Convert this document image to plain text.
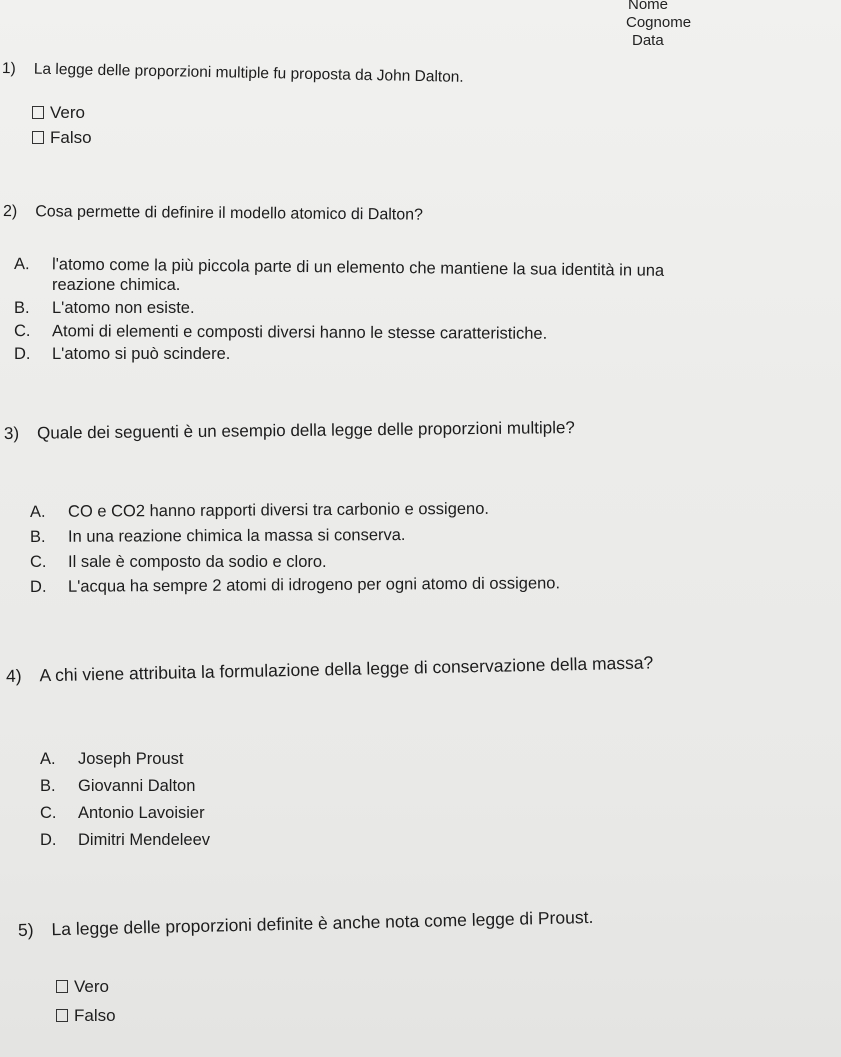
Nome
Cognome
Data
1) La legge delle proporzioni multiple fu proposta da John Dalton.
Vero
Falso
2) Cosa permette di definire il modello atomico di Dalton?
A. l'atomo come la più piccola parte di un elemento che mantiene la sua identità in una
reazione chimica.
B. L'atomo non esiste.
C. Atomi di elementi e composti diversi hanno le stesse caratteristiche.
D. L'atomo si può scindere.
3) Quale dei seguenti è un esempio della legge delle proporzioni multiple?
A. CO e CO2 hanno rapporti diversi tra carbonio e ossigeno.
B. In una reazione chimica la massa si conserva.
C. Il sale è composto da sodio e cloro.
D. L'acqua ha sempre 2 atomi di idrogeno per ogni atomo di ossigeno.
4) A chi viene attribuita la formulazione della legge di conservazione della massa?
A. Joseph Proust
B. Giovanni Dalton
C. Antonio Lavoisier
D. Dimitri Mendeleev
5) La legge delle proporzioni definite è anche nota come legge di Proust.
Vero
Falso
